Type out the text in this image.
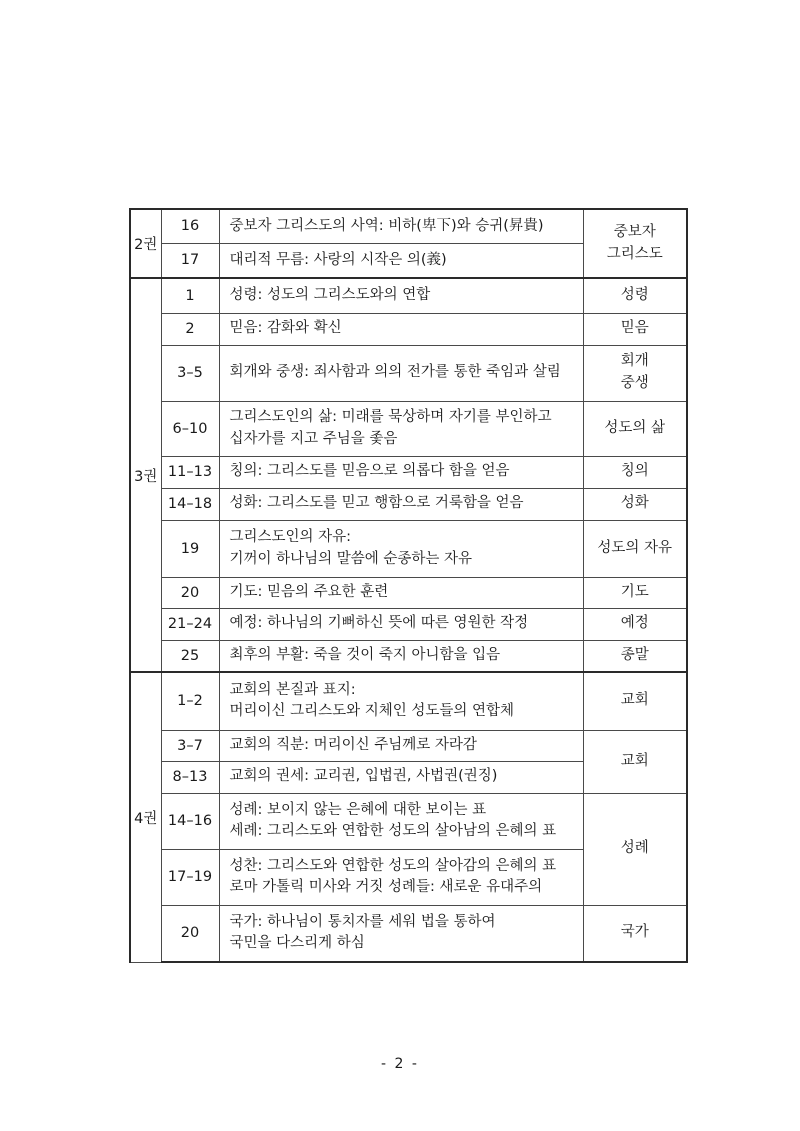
2권	16	중보자 그리스도의 사역: 비하(卑下)와 승귀(昇貴)	중보자
그리스도

	17	대리적 무름: 사랑의 시작은 의(義)	

3권	1	성령: 성도의 그리스도와의 연합	성령

	2	믿음: 감화와 확신	믿음

	3–5	회개와 중생: 죄사함과 의의 전가를 통한 죽임과 살림	회개
중생

	6–10	그리스도인의 삶: 미래를 묵상하며 자기를 부인하고
십자가를 지고 주님을 좇음	성도의 삶

	11–13	칭의: 그리스도를 믿음으로 의롭다 함을 얻음	칭의

	14–18	성화: 그리스도를 믿고 행함으로 거룩함을 얻음	성화

	19	그리스도인의 자유:
기꺼이 하나님의 말씀에 순종하는 자유	성도의 자유

	20	기도: 믿음의 주요한 훈련	기도

	21–24	예정: 하나님의 기뻐하신 뜻에 따른 영원한 작정	예정

	25	최후의 부활: 죽을 것이 죽지 아니함을 입음	종말

4권	1–2	교회의 본질과 표지:
머리이신 그리스도와 지체인 성도들의 연합체	교회

	3–7	교회의 직분: 머리이신 주님께로 자라감	교회

	8–13	교회의 권세: 교리권, 입법권, 사법권(권징)	

	14–16	성례: 보이지 않는 은혜에 대한 보이는 표
세례: 그리스도와 연합한 성도의 살아남의 은혜의 표	성례

	17–19	성찬: 그리스도와 연합한 성도의 살아감의 은혜의 표
로마 가톨릭 미사와 거짓 성례들: 새로운 유대주의	

	20	국가: 하나님이 통치자를 세워 법을 통하여
국민을 다스리게 하심	국가
- 2 -
